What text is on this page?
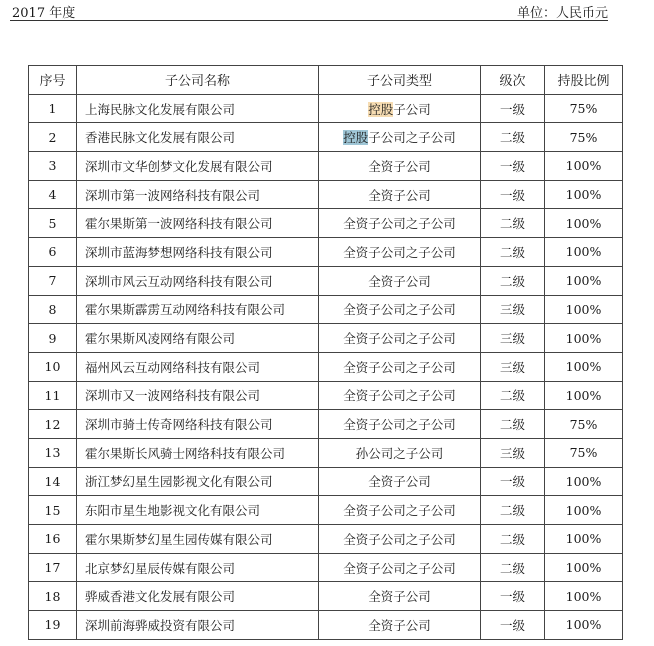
2017 年度	单位：人民币元
序号	子公司名称	子公司类型	级次	持股比例
1	上海民脉文化发展有限公司	控股子公司	一级	75%
2	香港民脉文化发展有限公司	控股子公司之子公司	二级	75%
3	深圳市文华创梦文化发展有限公司	全资子公司	一级	100%
4	深圳市第一波网络科技有限公司	全资子公司	一级	100%
5	霍尔果斯第一波网络科技有限公司	全资子公司之子公司	二级	100%
6	深圳市蓝海梦想网络科技有限公司	全资子公司之子公司	二级	100%
7	深圳市风云互动网络科技有限公司	全资子公司	二级	100%
8	霍尔果斯霹雳互动网络科技有限公司	全资子公司之子公司	三级	100%
9	霍尔果斯风凌网络有限公司	全资子公司之子公司	三级	100%
10	福州风云互动网络科技有限公司	全资子公司之子公司	三级	100%
11	深圳市又一波网络科技有限公司	全资子公司之子公司	二级	100%
12	深圳市骑士传奇网络科技有限公司	全资子公司之子公司	二级	75%
13	霍尔果斯长风骑士网络科技有限公司	孙公司之子公司	三级	75%
14	浙江梦幻星生园影视文化有限公司	全资子公司	一级	100%
15	东阳市星生地影视文化有限公司	全资子公司之子公司	二级	100%
16	霍尔果斯梦幻星生园传媒有限公司	全资子公司之子公司	二级	100%
17	北京梦幻星辰传媒有限公司	全资子公司之子公司	二级	100%
18	骅威香港文化发展有限公司	全资子公司	一级	100%
19	深圳前海骅威投资有限公司	全资子公司	一级	100%
